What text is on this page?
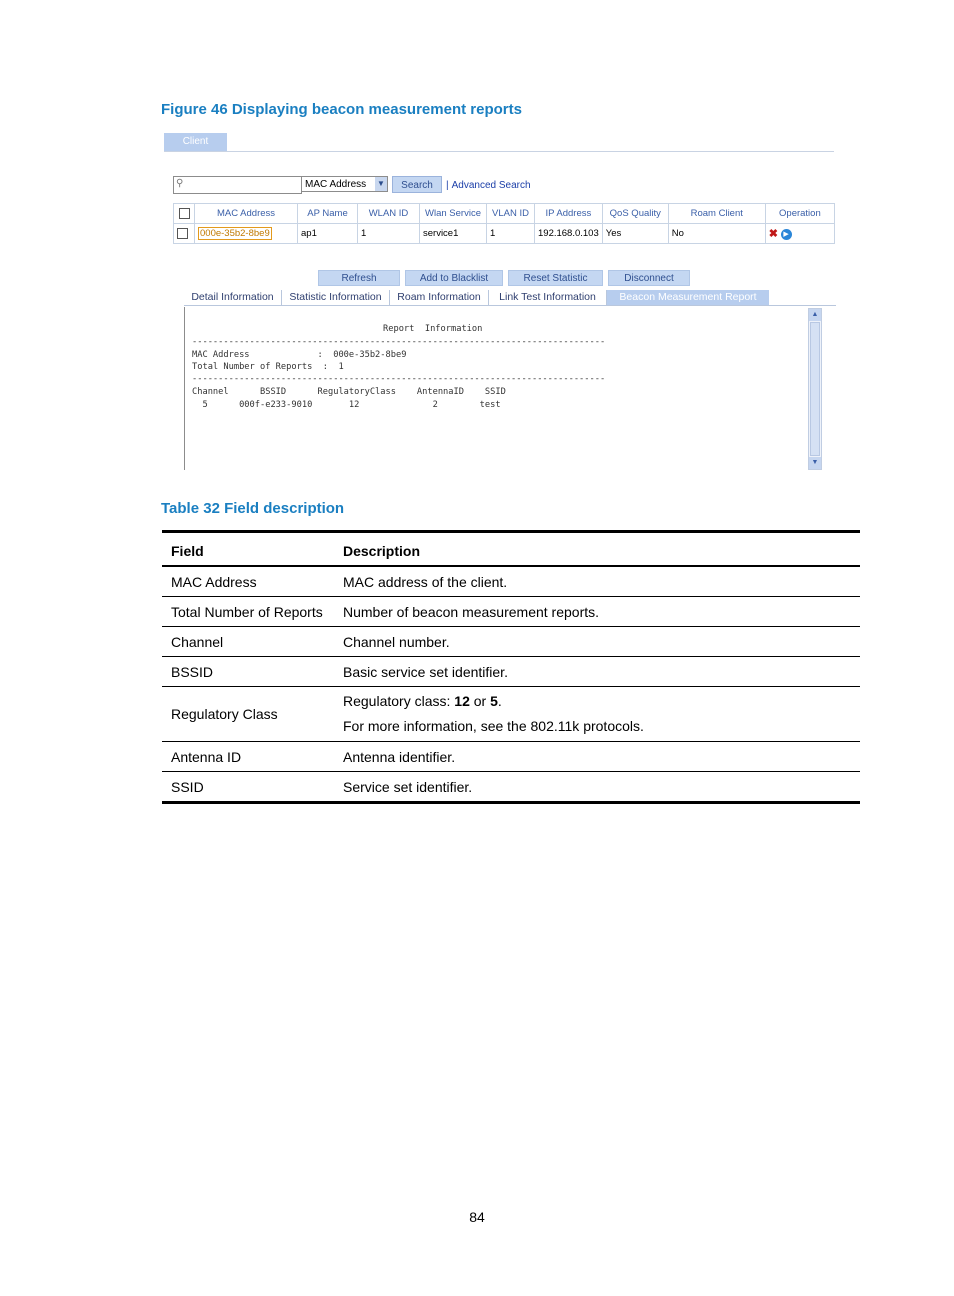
Figure 46 Displaying beacon measurement reports
Client
⚲	MAC Address ▼	Search	| Advanced Search
	MAC Address	AP Name	WLAN ID	Wlan Service	VLAN ID	IP Address	QoS Quality	Roam Client	Operation
	000e-35b2-8be9	ap1	1	service1	1	192.168.0.103	Yes	No	✖ ▶
Refresh	Add to Blacklist	Reset Statistic	Disconnect
Detail Information	Statistic Information	Roam Information	Link Test Information	Beacon Measurement Report
Report  Information
-------------------------------------------------------------------------------
MAC Address             :  000e-35b2-8be9
Total Number of Reports  :  1
-------------------------------------------------------------------------------
Channel      BSSID      RegulatoryClass    AntennaID    SSID
5      000f-e233-9010       12              2        test
▲
▼
Table 32 Field description
Field	Description
MAC Address	MAC address of the client.
Total Number of Reports	Number of beacon measurement reports.
Channel	Channel number.
BSSID	Basic service set identifier.
Regulatory Class	Regulatory class: 12 or 5.
For more information, see the 802.11k protocols.

Antenna ID	Antenna identifier.
SSID	Service set identifier.
84
